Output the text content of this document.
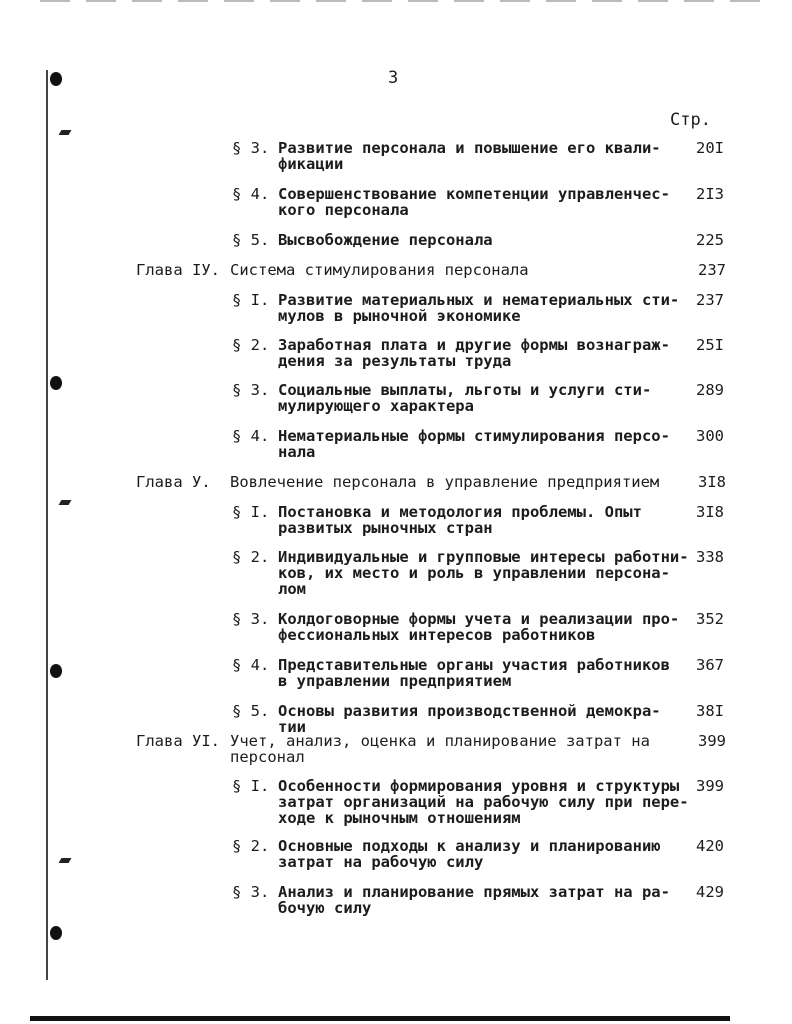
3
Стр.
§ 3. Развитие персонала и повышение его квали-
фикации
20I
§ 4. Совершенствование компетенции управленчес-
кого персонала
2I3
§ 5. Высвобождение персонала	225
Глава IУ. Система стимулирования персонала	237
§ I. Развитие материальных и нематериальных сти-
мулов в рыночной экономике
237
§ 2. Заработная плата и другие формы вознаграж-
дения за результаты труда
25I
§ 3. Социальные выплаты, льготы и услуги сти-
мулирующего характера
289
§ 4. Нематериальные формы стимулирования персо-
нала
300
Глава У. Вовлечение персонала в управление предприятием 3I8
§ I. Постановка и методология проблемы. Опыт
развитых рыночных стран
3I8
§ 2. Индивидуальные и групповые интересы работни-
ков, их место и роль в управлении персона-
лом
338
§ 3. Колдоговорные формы учета и реализации про-
фессиональных интересов работников
352
§ 4. Представительные органы участия работников
в управлении предприятием
367
§ 5. Основы развития производственной демокра-
тии
38I
Глава УI. Учет, анализ, оценка и планирование затрат на
персонал
399
§ I. Особенности формирования уровня и структуры
затрат организаций на рабочую силу при пере-
ходе к рыночным отношениям
399
§ 2. Основные подходы к анализу и планированию
затрат на рабочую силу
420
§ 3. Анализ и планирование прямых затрат на ра-
бочую силу
429
